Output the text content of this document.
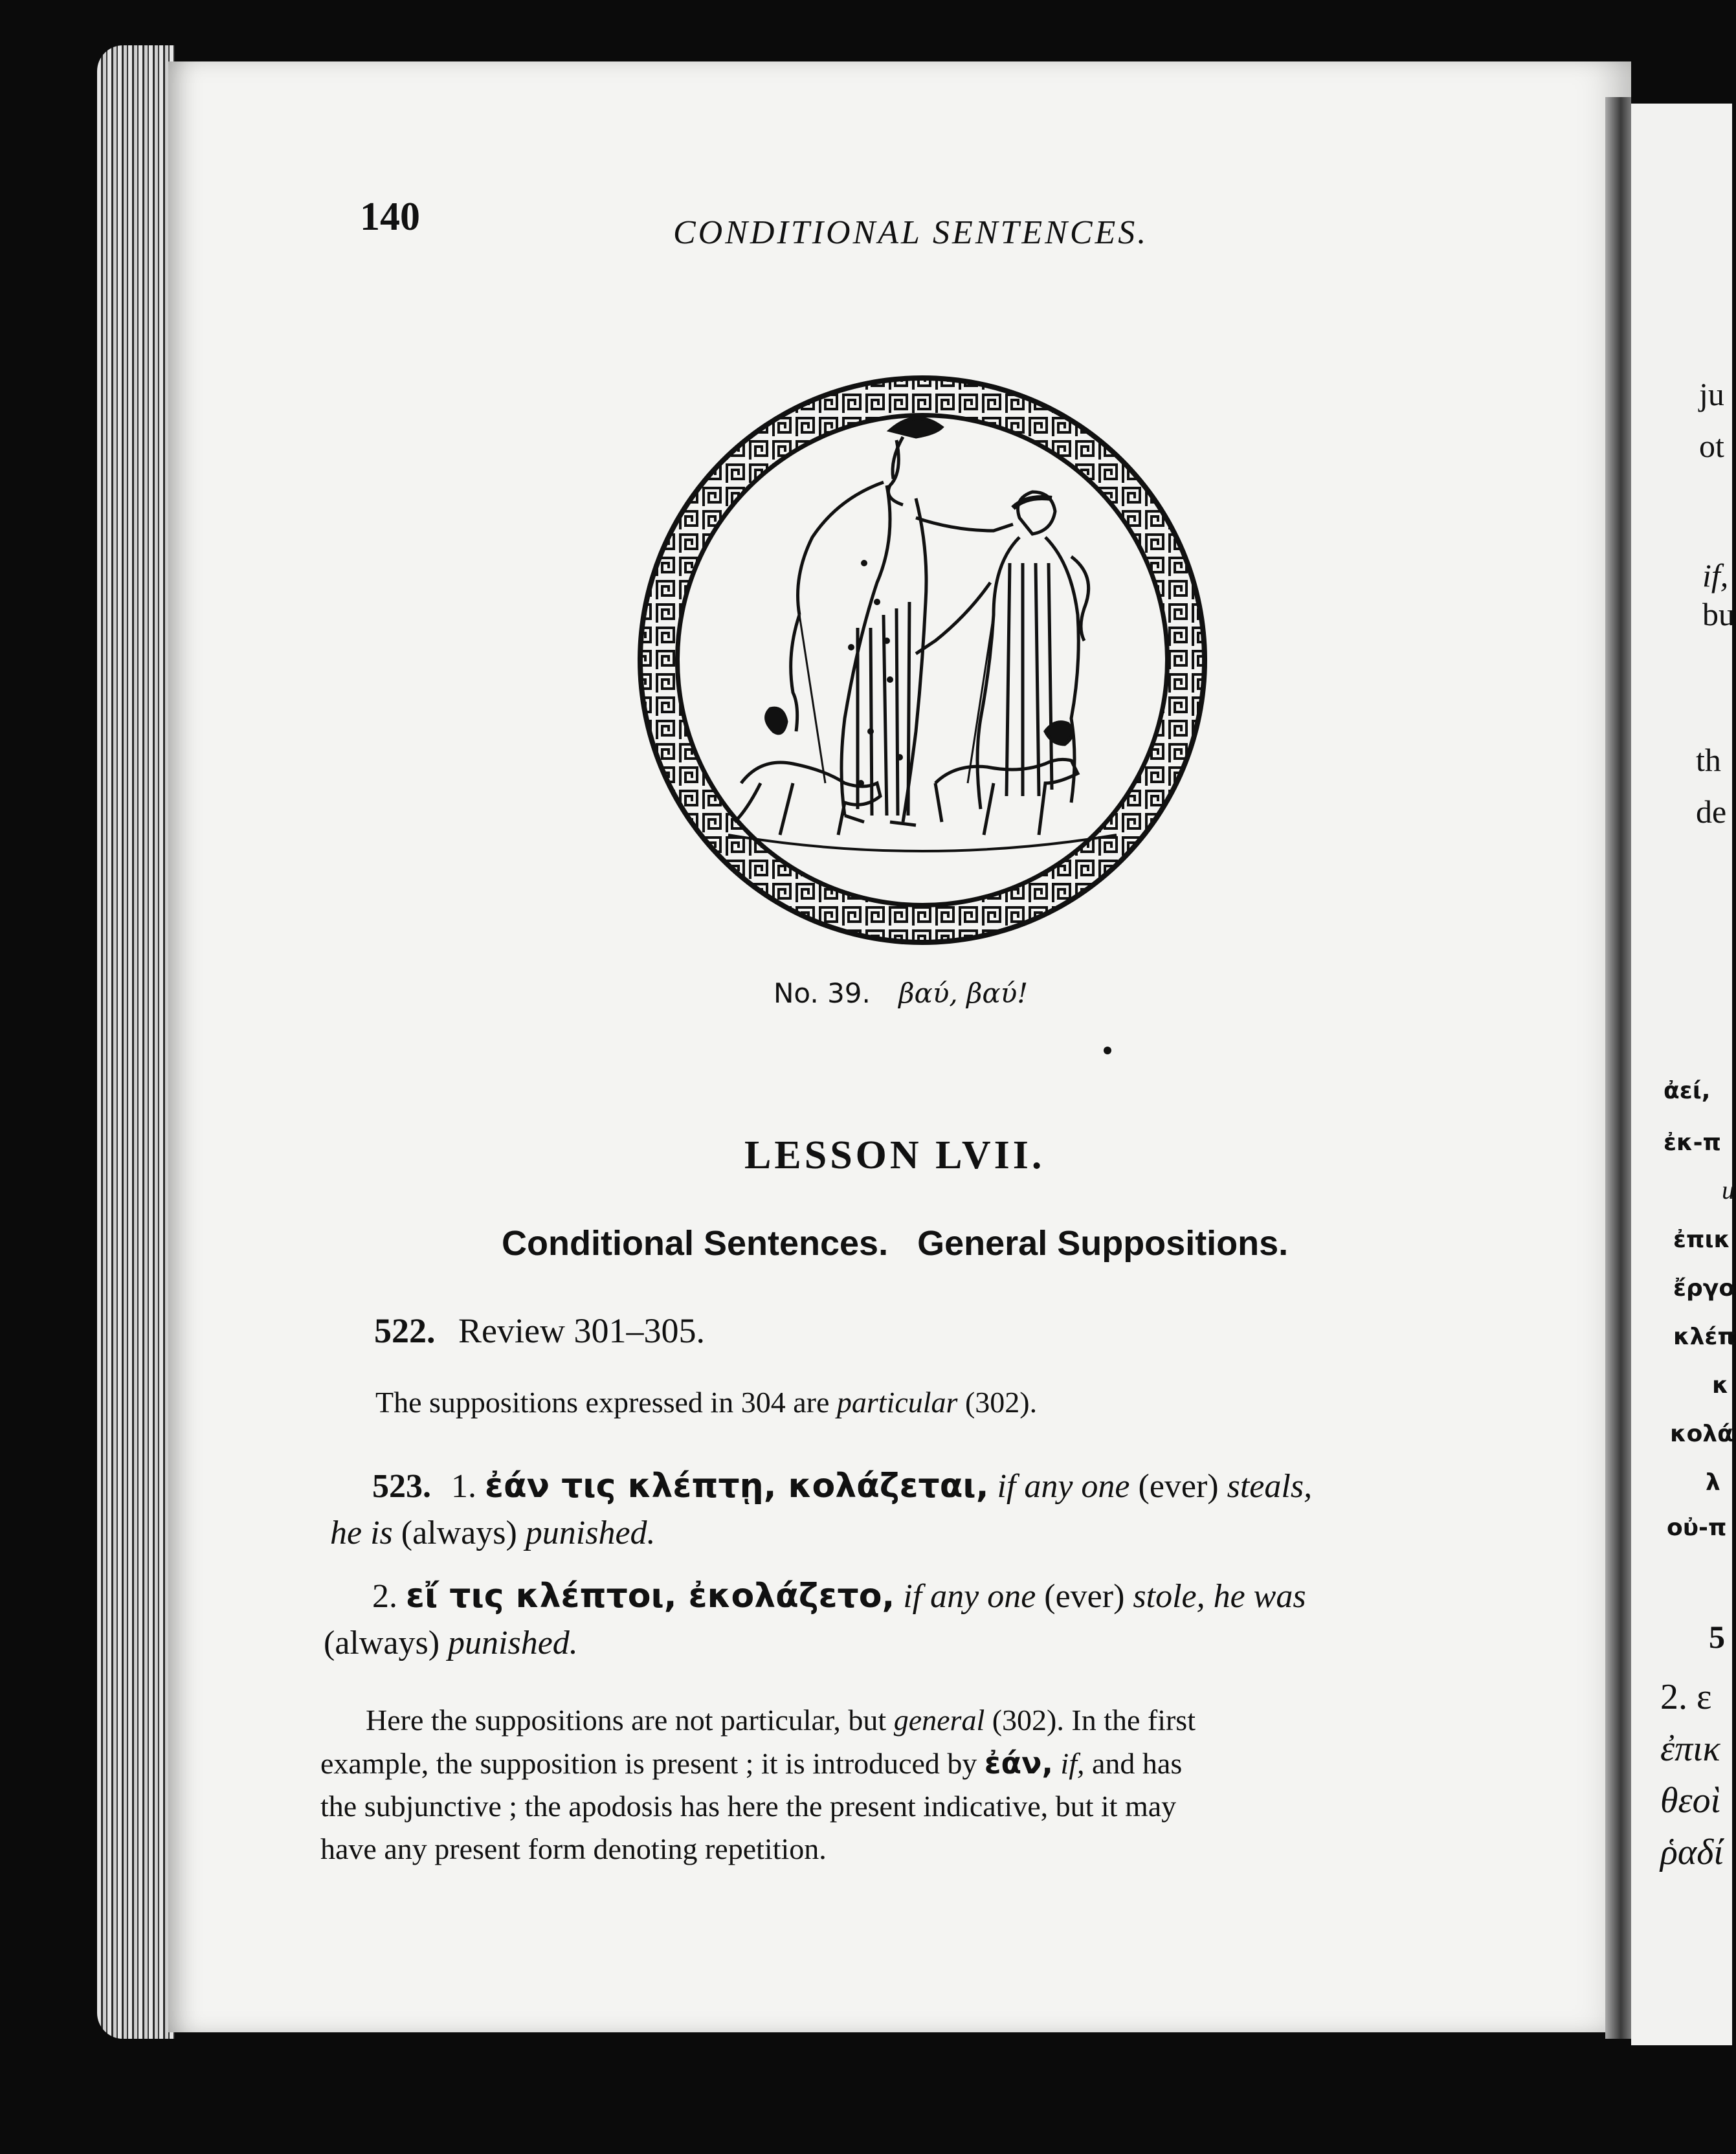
ju
ot
if,
bu
th
de
ἀεί,
ἐκ-π
u
ἐπικ
ἔργο
κλέπ
κ
κολά
λ
οὐ-π
5
2. ε
ἐπικ
θεοὶ
ῥαδί
140	CONDITIONAL SENTENCES.
No. 39. βαύ, βαύ!
LESSON LVII.
Conditional Sentences.   General Suppositions.
522. Review 301–305.
The suppositions expressed in 304 are particular (302).

523. 1. ἐάν τις κλέπτῃ, κολάζεται, if any one (ever) steals,

he is (always) punished.

2. εἴ τις κλέπτοι, ἐκολάζετο, if any one (ever) stole, he was

(always) punished.

Here the suppositions are not particular, but general (302). In the first

example, the supposition is present ; it is introduced by ἐάν, if, and has

the subjunctive ; the apodosis has here the present indicative, but it may

have any present form denoting repetition.
